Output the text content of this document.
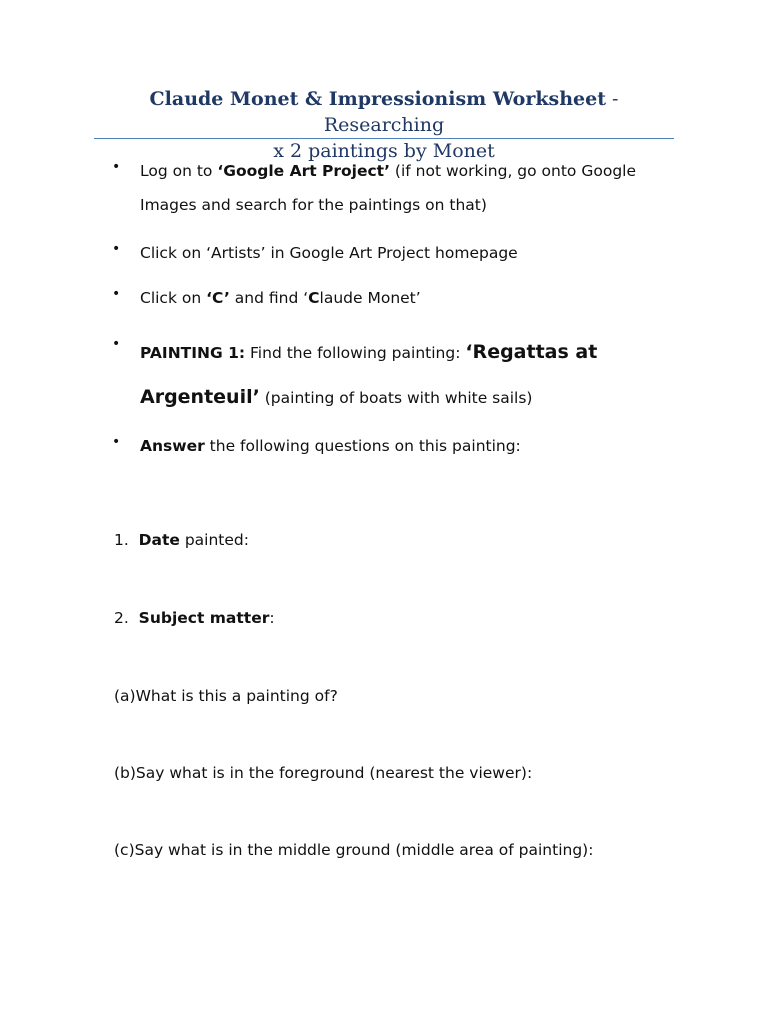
Claude Monet & Impressionism Worksheet - Researching
x 2 paintings by Monet
• Log on to ‘Google Art Project’ (if not working, go onto Google
Images and search for the paintings on that)
• Click on ‘Artists’ in Google Art Project homepage
• Click on ‘C’ and find ‘Claude Monet’
• PAINTING 1: Find the following painting: ‘Regattas at
Argenteuil’ (painting of boats with white sails)
• Answer the following questions on this painting:
1. Date painted:
2. Subject matter:
(a)What is this a painting of?
(b)Say what is in the foreground (nearest the viewer):
(c)Say what is in the middle ground (middle area of painting):
